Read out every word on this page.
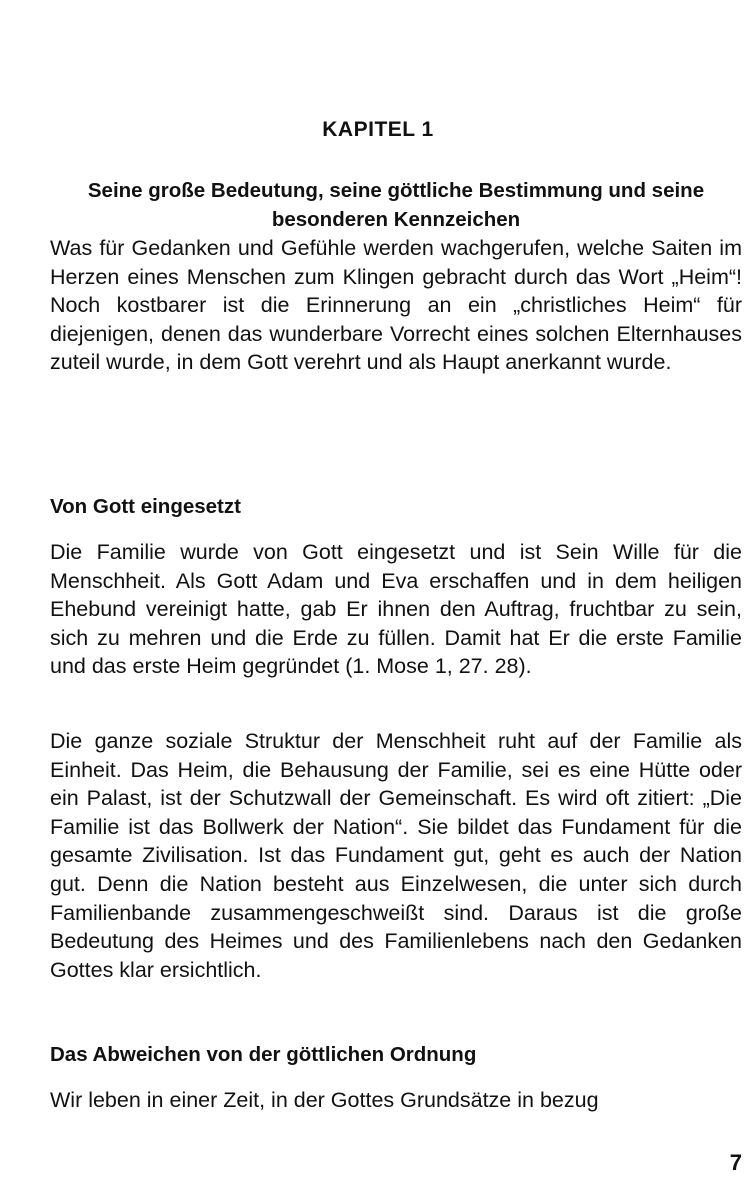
KAPITEL 1
Seine große Bedeutung, seine göttliche Bestimmung und seine besonderen Kennzeichen

Was für Gedanken und Gefühle werden wachgerufen, welche Saiten im Herzen eines Menschen zum Klingen gebracht durch das Wort „Heim“! Noch kostbarer ist die Erinnerung an ein „christliches Heim“ für diejenigen, denen das wunderbare Vorrecht eines solchen Elternhauses zuteil wurde, in dem Gott verehrt und als Haupt anerkannt wurde.

Von Gott eingesetzt

Die Familie wurde von Gott eingesetzt und ist Sein Wille für die Menschheit. Als Gott Adam und Eva erschaffen und in dem heiligen Ehebund vereinigt hatte, gab Er ihnen den Auftrag, fruchtbar zu sein, sich zu mehren und die Erde zu füllen. Damit hat Er die erste Familie und das erste Heim gegründet (1. Mose 1, 27. 28).

Die ganze soziale Struktur der Menschheit ruht auf der Familie als Einheit. Das Heim, die Behausung der Familie, sei es eine Hütte oder ein Palast, ist der Schutzwall der Gemeinschaft. Es wird oft zitiert: „Die Familie ist das Bollwerk der Nation“. Sie bildet das Fundament für die gesamte Zivilisation. Ist das Fundament gut, geht es auch der Nation gut. Denn die Nation besteht aus Einzelwesen, die unter sich durch Familienbande zusammengeschweißt sind. Daraus ist die große Bedeutung des Heimes und des Familienlebens nach den Gedanken Gottes klar ersichtlich.

Das Abweichen von der göttlichen Ordnung

Wir leben in einer Zeit, in der Gottes Grundsätze in bezug

7
